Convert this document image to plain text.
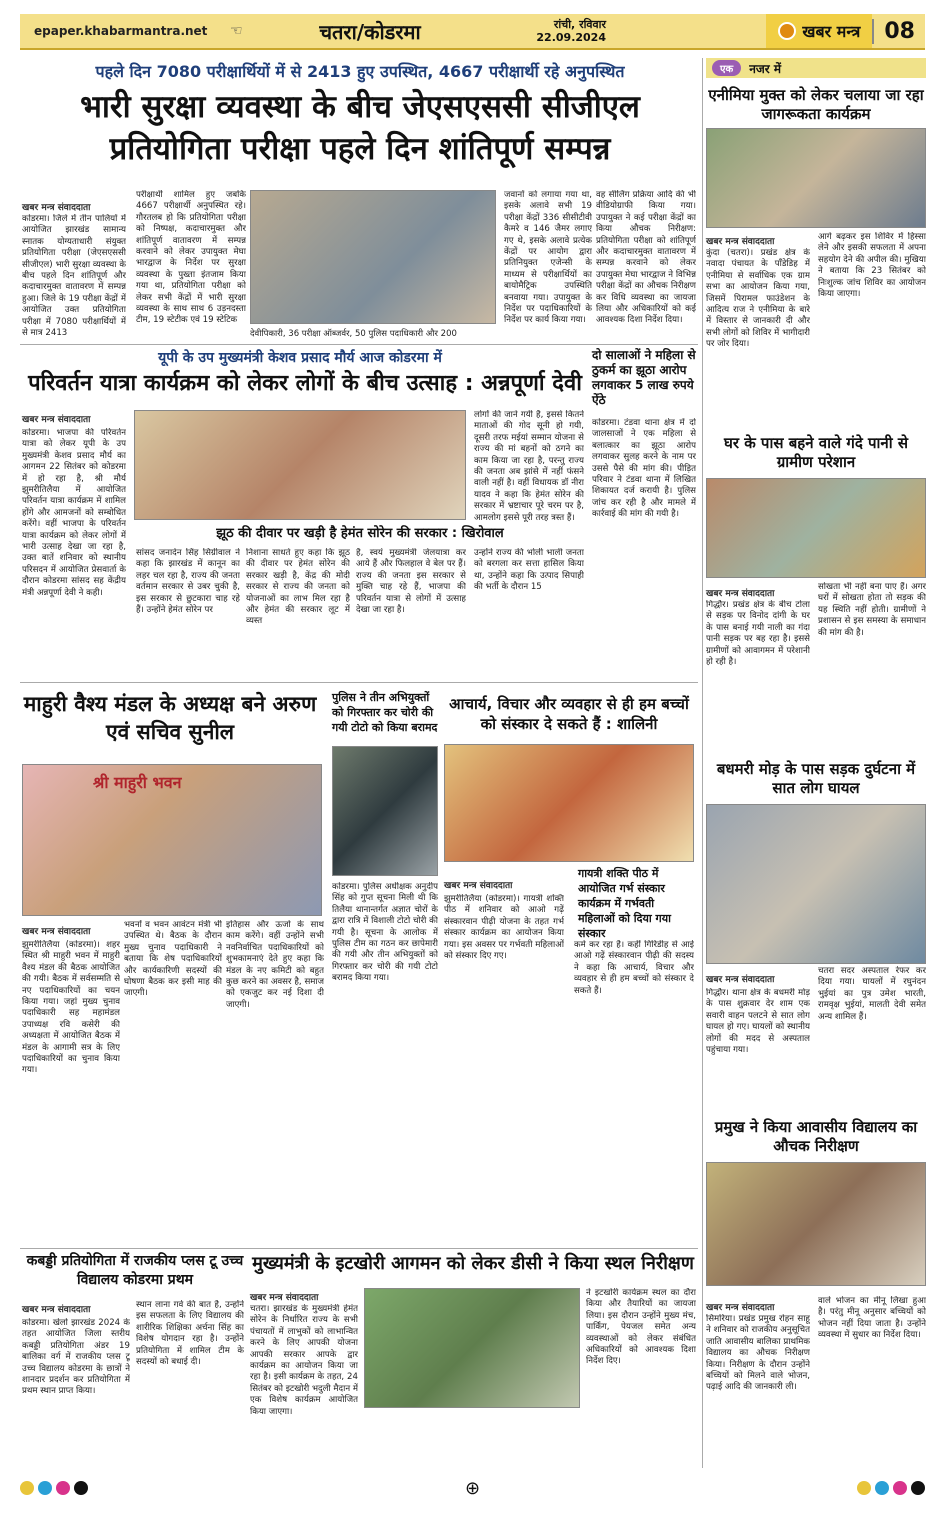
epaper.khabarmantra.net	☜	चतरा/कोडरमा	रांची, रविवार
22.09.2024	खबर मन्त्र	08
एक	नजर में
पहले दिन 7080 परीक्षार्थियों में से 2413 हुए उपस्थित, 4667 परीक्षार्थी रहे अनुपस्थित
भारी सुरक्षा व्यवस्था के बीच जेएसएससी सीजीएल प्रतियोगिता परीक्षा पहले दिन शांतिपूर्ण सम्पन्न
खबर मन्त्र संवाददाता
कोडरमा। जिले में तीन पालियों में आयोजित झारखंड सामान्य स्नातक योग्यताधारी संयुक्त प्रतियोगिता परीक्षा (जेएसएससी सीजीएल) भारी सुरक्षा व्यवस्था के बीच पहले दिन शांतिपूर्ण और कदाचारमुक्त वातावरण में सम्पन्न हुआ। जिले के 19 परीक्षा केंद्रों में आयोजित उक्त प्रतियोगिता परीक्षा में 7080 परीक्षार्थियों में से मात्र 2413
परीक्षार्थी शामिल हुए जबकि 4667 परीक्षार्थी अनुपस्थित रहे। गौरतलब हो कि प्रतियोगिता परीक्षा को निष्पक्ष, कदाचारमुक्त और शांतिपूर्ण वातावरण में सम्पन्न करवाने को लेकर उपायुक्त मेघा भारद्वाज के निर्देश पर सुरक्षा व्यवस्था के पुख्ता इंतजाम किया गया था, प्रतियोगिता परीक्षा को लेकर सभी केंद्रों में भारी सुरक्षा व्यवस्था के साथ साथ 6 उड़नदस्ता टीम, 19 स्टेटीक एवं 19 स्टेटिक
देवीपिकारी, 36 परीक्षा ऑब्जर्वर, 50 पुलिस पदाधिकारी और 200
जवानों को लगाया गया था, इसके अलावे सभी 19 परीक्षा केंद्रों 336 सीसीटीवी कैमरे व 146 जैमर लगाए गए थे, इसके अलावे प्रत्येक केंद्रों पर आयोग द्वारा प्रतिनियुक्त एजेन्सी के माध्यम से परीक्षार्थियों का बायोमैट्रिक उपस्थिति बनवाया गया। उपायुक्त के निर्देश पर पदाधिकारियों के निर्देश पर कार्य किया गया।
वह सीलिंग प्रक्रिया आदि की भी वीडियोग्राफी किया गया। उपायुक्त ने कई परीक्षा केंद्रों का किया औचक निरीक्षण: प्रतियोगिता परीक्षा को शांतिपूर्ण और कदाचारमुक्त वातावरण में सम्पन्न करवाने को लेकर उपायुक्त मेघा भारद्वाज ने विभिन्न परीक्षा केंद्रों का औचक निरीक्षण कर विधि व्यवस्था का जायजा लिया और अधिकारियों को कई आवश्यक दिशा निर्देश दिया।
यूपी के उप मुख्यमंत्री केशव प्रसाद मौर्य आज कोडरमा में
परिवर्तन यात्रा कार्यक्रम को लेकर लोगों के बीच उत्साह : अन्नपूर्णा देवी
खबर मन्त्र संवाददाता
कोडरमा। भाजपा की परिवर्तन यात्रा को लेकर यूपी के उप मुख्यमंत्री केशव प्रसाद मौर्य का आगमन 22 सितंबर को कोडरमा में हो रहा है, श्री मौर्य झुमरीतिलैया में आयोजित परिवर्तन यात्रा कार्यक्रम में शामिल होंगे और आमजनों को सम्बोधित करेंगे। वहीं भाजपा के परिवर्तन यात्रा कार्यक्रम को लेकर लोगों में भारी उत्साह देखा जा रहा है, उक्त बातें शनिवार को स्थानीय परिसदन में आयोजित प्रेसवार्ता के दौरान कोडरमा सांसद सह केंद्रीय मंत्री अन्नपूर्णा देवी ने कही।
लोगों की जाने गयी है, इससे कितने माताओं की गोद सूनी हो गयी, दूसरी तरफ मईयां सम्मान योजना से राज्य की मां बहनों को ठगने का काम किया जा रहा है, परन्तु राज्य की जनता अब झांसे में नहीं फंसने वाली नहीं है। वहीं विधायक डॉ नीरा यादव ने कहा कि हेमंत सोरेन की सरकार में भ्रष्टाचार पूरे चरम पर है, आमलोग इससे पूरी तरह त्रस्त हैं।
झूठ की दीवार पर खड़ी है हेमंत सोरेन की सरकार : खिरोवाल
सांसद जनार्दन सिंह सिग्रीवाल ने कहा कि झारखंड में कानून का लहर चल रहा है, राज्य की जनता वर्तमान सरकार से उबर चुकी है, इस सरकार से छुटकारा चाह रहे हैं। उन्होंने हेमंत सोरेन पर
निशाना साधते हुए कहा कि झूठ की दीवार पर हेमंत सोरेन की सरकार खड़ी है, केंद्र की मोदी सरकार से राज्य की जनता को योजनाओं का लाभ मिल रहा है और हेमंत की सरकार लूट में व्यस्त
है, स्वयं मुख्यमंत्री जेलयात्रा कर आये हैं और फिलहाल वे बेल पर हैं। राज्य की जनता इस सरकार से मुक्ति चाह रहे हैं, भाजपा की परिवर्तन यात्रा से लोगों में उत्साह देखा जा रहा है।
उन्होंने राज्य की भोली भाली जनता को बरगला कर सत्ता हासिल किया था, उन्होंने कहा कि उत्पाद सिपाही की भर्ती के दौरान 15
दो सालाओं ने महिला से ठुकर्म का झूठा आरोप लगवाकर 5 लाख रुपये ऐंठे
कोडरमा। टंडवा थाना क्षेत्र में दो जालसाजों ने एक महिला से बलात्कार का झूठा आरोप लगवाकर सुलह करने के नाम पर उससे पैसे की मांग की। पीड़ित परिवार ने टंडवा थाना में लिखित शिकायत दर्ज करायी है। पुलिस जांच कर रही है और मामले में कार्रवाई की मांग की गयी है।
एनीमिया मुक्त को लेकर चलाया जा रहा जागरूकता कार्यक्रम
खबर मन्त्र संवाददाता
कुंदा (चतरा)। प्रखंड क्षेत्र के नवादा पंचायत के पाँडेडिह में एनीमिया से सर्वाधिक एक ग्राम सभा का आयोजन किया गया, जिसमें पिरामल फाउंडेशन के आदित्य राज ने एनीमिया के बारे में विस्तार से जानकारी दी और सभी लोगों को शिविर में भागीदारी पर जोर दिया।
आगे बढ़कर इस शिविर में हिस्सा लेने और इसकी सफलता में अपना सहयोग देने की अपील की। मुखिया ने बताया कि 23 सितंबर को निःशुल्क जांच शिविर का आयोजन किया जाएगा।
घर के पास बहने वाले गंदे पानी से ग्रामीण परेशान
खबर मन्त्र संवाददाता
गिद्धौर। प्रखंड क्षेत्र के बीच टोला से सड़क पर विनोद दांगी के घर के पास बनाई गयी नाली का गंदा पानी सड़क पर बह रहा है। इससे ग्रामीणों को आवागमन में परेशानी हो रही है।
सोखता भी नहीं बना पाए हैं। अगर घरों में सोखता होता तो सड़क की यह स्थिति नहीं होती। ग्रामीणों ने प्रशासन से इस समस्या के समाधान की मांग की है।
बधमरी मोड़ के पास सड़क दुर्घटना में सात लोग घायल
खबर मन्त्र संवाददाता
गिद्धौर। थाना क्षेत्र के बधमरी मोड़ के पास शुक्रवार देर शाम एक सवारी वाहन पलटने से सात लोग घायल हो गए। घायलों को स्थानीय लोगों की मदद से अस्पताल पहुंचाया गया।
चतरा सदर अस्पताल रेफर कर दिया गया। घायलों में रघुनंदन भुईयां का पुत्र उमेश भारती, रामवृक्ष भुईयां, मालती देवी समेत अन्य शामिल हैं।
प्रमुख ने किया आवासीय विद्यालय का औचक निरीक्षण
खबर मन्त्र संवाददाता
सिमरिया। प्रखंड प्रमुख रोहन साहू ने शनिवार को राजकीय अनुसूचित जाति आवासीय बालिका प्राथमिक विद्यालय का औचक निरीक्षण किया। निरीक्षण के दौरान उन्होंने बच्चियों को मिलने वाले भोजन, पढ़ाई आदि की जानकारी ली।
वाले भोजन का मीनू लिखा हुआ है। परंतु मीनू अनुसार बच्चियों को भोजन नहीं दिया जाता है। उन्होंने व्यवस्था में सुधार का निर्देश दिया।
माहुरी वैश्य मंडल के अध्यक्ष बने अरुण एवं सचिव सुनील
श्री माहुरी भवन
खबर मन्त्र संवाददाता
झुमरीतिलैया (कोडरमा)। शहर स्थित श्री माहुरी भवन में माहुरी वैश्य मंडल की बैठक आयोजित की गयी। बैठक में सर्वसम्मति से नए पदाधिकारियों का चयन किया गया। जहां मुख्य चुनाव पदाधिकारी सह महामंडल उपाध्यक्ष रवि कसेरी की अध्यक्षता में आयोजित बैठक में मंडल के आगामी सत्र के लिए पदाधिकारियों का चुनाव किया गया।
भवनों व भवन आवंटन मंत्री भी उपस्थित थे। बैठक के दौरान मुख्य चुनाव पदाधिकारी ने बताया कि शेष पदाधिकारियों और कार्यकारिणी सदस्यों की घोषणा बैठक कर इसी माह की जाएगी।
इतिहास और ऊर्जा के साथ काम करेंगे। वहीं उन्होंने सभी नवनिर्वाचित पदाधिकारियों को शुभकामनाएं देते हुए कहा कि मंडल के नए कमिटी को बहुत कुछ करने का अवसर है, समाज को एकजुट कर नई दिशा दी जाएगी।
पुलिस ने तीन अभियुक्तों को गिरफ्तार कर चोरी की गयी टोटो को किया बरामद
कोडरमा। पुलिस अधीक्षक अनुदीप सिंह को गुप्त सूचना मिली थी कि तिलैया थानान्तर्गत अज्ञात चोरों के द्वारा रात्रि में विशाली टोटो चोरी की गयी है। सूचना के आलोक में पुलिस टीम का गठन कर छापेमारी की गयी और तीन अभियुक्तों को गिरफ्तार कर चोरी की गयी टोटो बरामद किया गया।
आचार्य, विचार और व्यवहार से ही हम बच्चों को संस्कार दे सकते हैं : शालिनी
खबर मन्त्र संवाददाता
गायत्री शक्ति पीठ में आयोजित गर्भ संस्कार कार्यक्रम में गर्भवती महिलाओं को दिया गया संस्कार
झुमरीतिलैया (कोडरमा)। गायत्री शक्ति पीठ में शनिवार को आओ गढ़ें संस्कारवान पीढ़ी योजना के तहत गर्भ संस्कार कार्यक्रम का आयोजन किया गया। इस अवसर पर गर्भवती महिलाओं को संस्कार दिए गए।
कर्म कर रहा है। कहीं गिरिडीह से आई आओ गढ़ें संस्कारवान पीढ़ी की सदस्य ने कहा कि आचार्य, विचार और व्यवहार से ही हम बच्चों को संस्कार दे सकते हैं।
कबड्डी प्रतियोगिता में राजकीय प्लस टू उच्च विद्यालय कोडरमा प्रथम
खबर मन्त्र संवाददाता
कोडरमा। खेलो झारखंड 2024 के तहत आयोजित जिला स्तरीय कबड्डी प्रतियोगिता अंडर 19 बालिका वर्ग में राजकीय प्लस टू उच्च विद्यालय कोडरमा के छात्रों ने शानदार प्रदर्शन कर प्रतियोगिता में प्रथम स्थान प्राप्त किया।
स्थान लाना गर्व की बात है, उन्होंने इस सफलता के लिए विद्यालय की शारीरिक शिक्षिका अर्चना सिंह का विशेष योगदान रहा है। उन्होंने प्रतियोगिता में शामिल टीम के सदस्यों को बधाई दी।
मुख्यमंत्री के इटखोरी आगमन को लेकर डीसी ने किया स्थल निरीक्षण
खबर मन्त्र संवाददाता
चतरा। झारखंड के मुख्यमंत्री हेमंत सोरेन के निर्धारित राज्य के सभी पंचायतों में लाभुकों को लाभान्वित करने के लिए आपकी योजना आपकी सरकार आपके द्वार कार्यक्रम का आयोजन किया जा रहा है। इसी कार्यक्रम के तहत, 24 सितंबर को इटखोरी भदुली मैदान में एक विशेष कार्यक्रम आयोजित किया जाएगा।
ने इटखोरी कार्यक्रम स्थल का दौरा किया और तैयारियों का जायजा लिया। इस दौरान उन्होंने मुख्य मंच, पार्किंग, पेयजल समेत अन्य व्यवस्थाओं को लेकर संबंधित अधिकारियों को आवश्यक दिशा निर्देश दिए।
⊕
